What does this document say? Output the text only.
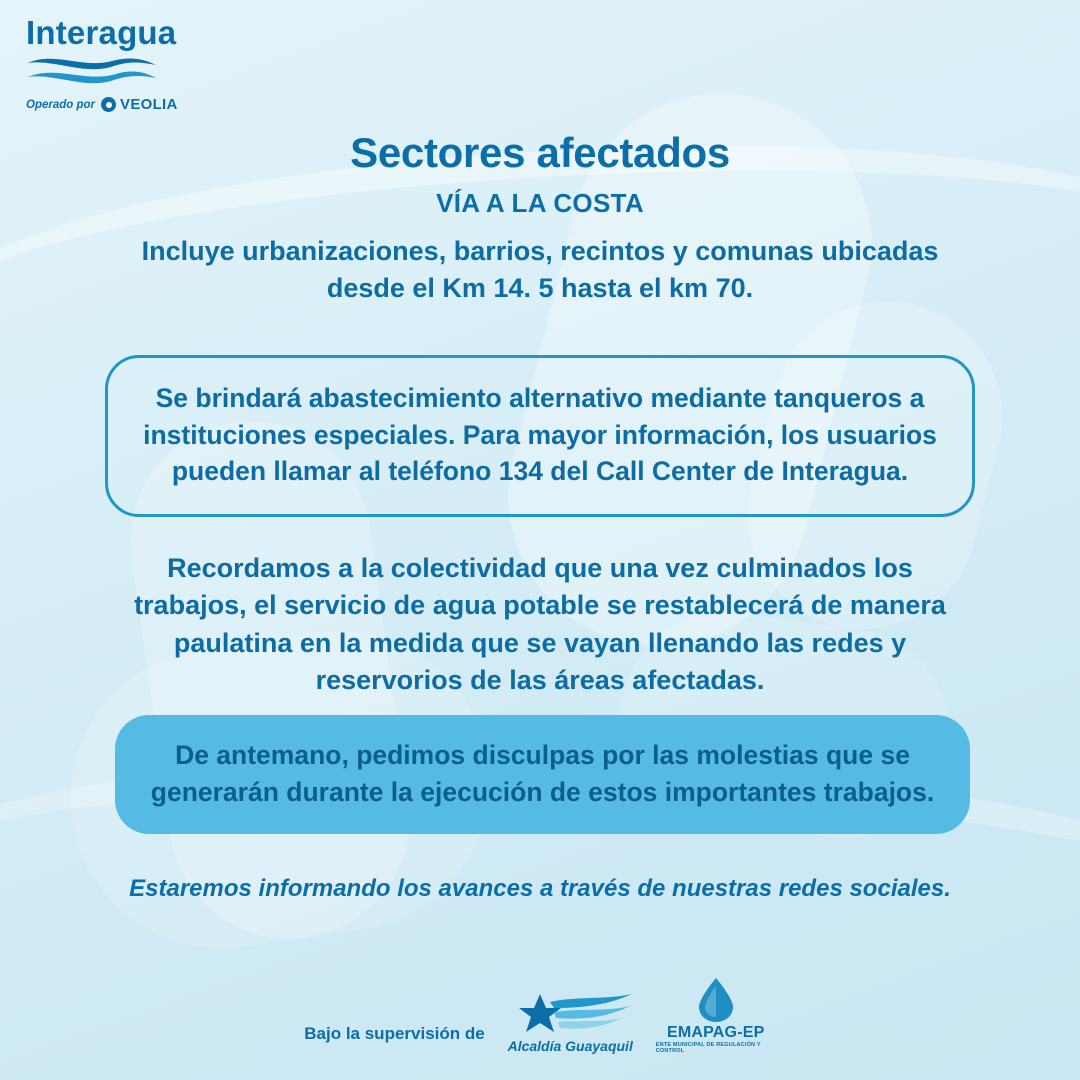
Interagua
Operado por VEOLIA
Sectores afectados
VÍA A LA COSTA
Incluye urbanizaciones, barrios, recintos y comunas ubicadas desde el Km 14. 5 hasta el km 70.

Se brindará abastecimiento alternativo mediante tanqueros a instituciones especiales. Para mayor información, los usuarios pueden llamar al teléfono 134 del Call Center de Interagua.

Recordamos a la colectividad que una vez culminados los trabajos, el servicio de agua potable se restablecerá de manera paulatina en la medida que se vayan llenando las redes y reservorios de las áreas afectadas.

De antemano, pedimos disculpas por las molestias que se generarán durante la ejecución de estos importantes trabajos.

Estaremos informando los avances a través de nuestras redes sociales.
Bajo la supervisión de
Alcaldía Guayaquil
EMAPAG-EP
ENTE MUNICIPAL DE REGULACIÓN Y CONTROL
